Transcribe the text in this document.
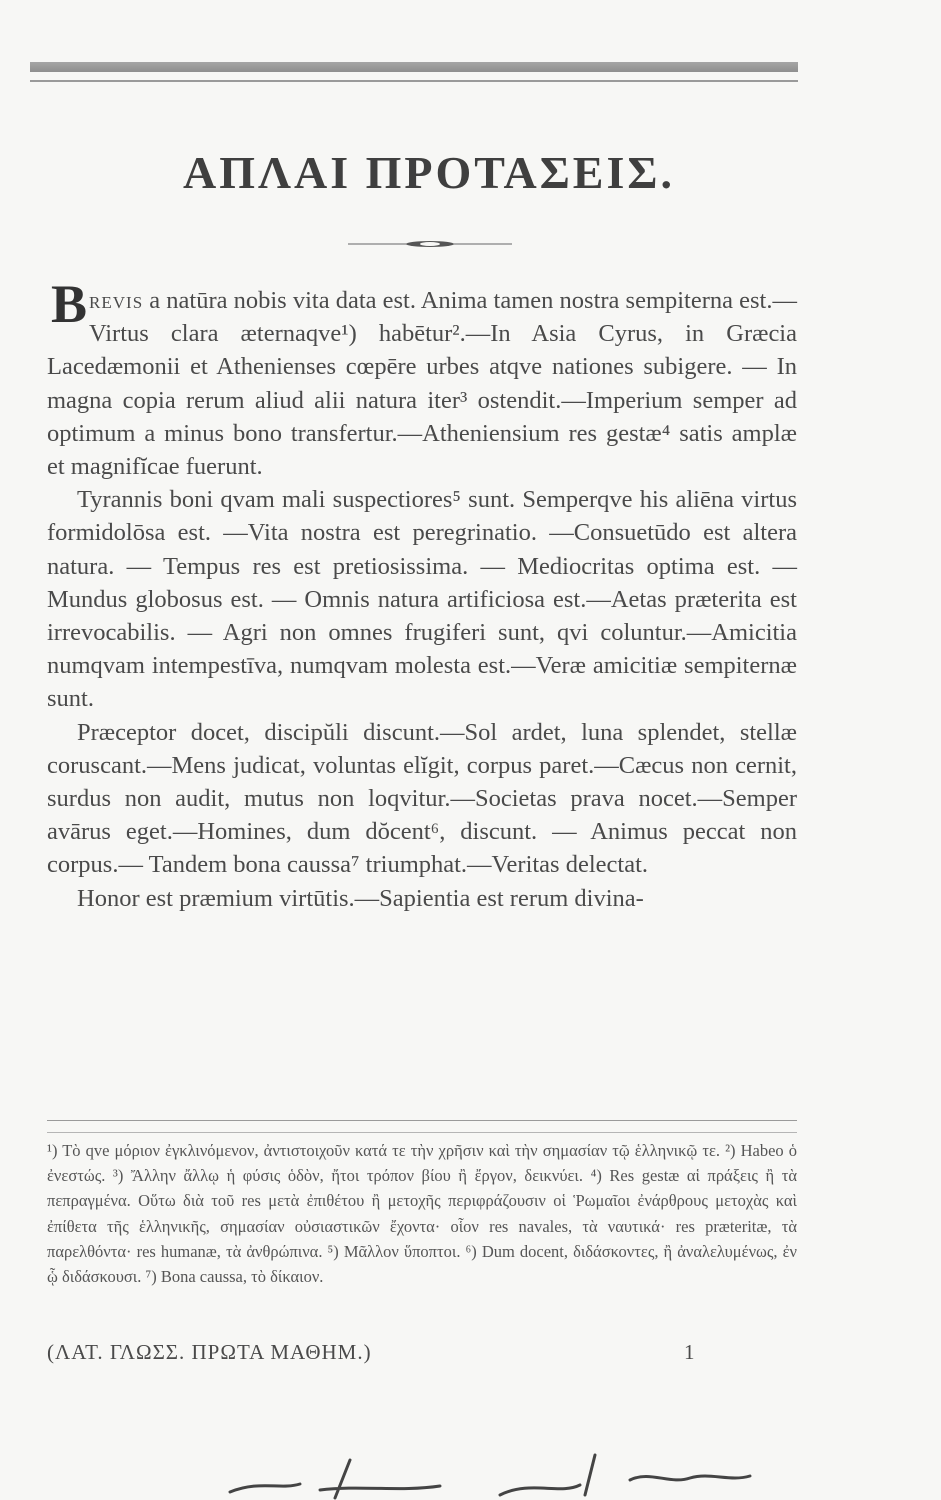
ΑΠΛΑΙ ΠΡΟΤΑΣΕΙΣ.

Brevis a natūra nobis vita data est. Anima tamen nostra sempiterna est.—Virtus clara æternaqve¹) habētur².—In Asia Cyrus, in Græcia Lacedæmonii et Athenienses cœpēre urbes atqve nationes subigere. — In magna copia rerum aliud alii natura iter³ ostendit.—Imperium semper ad optimum a minus bono transfertur.—Atheniensium res gestæ⁴ satis amplæ et magnifĭcae fuerunt.

Tyrannis boni qvam mali suspectiores⁵ sunt. Semperqve his aliēna virtus formidolōsa est. —Vita nostra est peregrinatio. —Consuetūdo est altera natura. — Tempus res est pretiosissima. — Mediocritas optima est. — Mundus globosus est. — Omnis natura artificiosa est.—Aetas præterita est irrevocabilis. — Agri non omnes frugiferi sunt, qvi coluntur.—Amicitia numqvam intempestīva, numqvam molesta est.—Veræ amicitiæ sempiternæ sunt.

Præceptor docet, discipŭli discunt.—Sol ardet, luna splendet, stellæ coruscant.—Mens judicat, voluntas elĭgit, corpus paret.—Cæcus non cernit, surdus non audit, mutus non loqvitur.—Societas prava nocet.—Semper avārus eget.—Homines, dum dŏcent⁶, discunt. — Animus peccat non corpus.— Tandem bona caussa⁷ triumphat.—Veritas delectat.

Honor est præmium virtūtis.—Sapientia est rerum divina-

¹) Τὸ qve μόριον ἐγκλινόμενον, ἀντιστοιχοῦν κατά τε τὴν χρῆσιν καὶ τὴν σημασίαν τῷ ἑλληνικῷ τε. ²) Habeo ὁ ἐνεστώς. ³) Ἄλλην ἄλλῳ ἡ φύσις ὁδὸν, ἤτοι τρόπον βίου ἢ ἔργον, δεικνύει. ⁴) Res gestæ αἱ πράξεις ἢ τὰ πεπραγμένα. Οὕτω διὰ τοῦ res μετὰ ἐπιθέτου ἢ μετοχῆς περιφράζουσιν οἱ Ῥωμαῖοι ἐνάρθρους μετοχὰς καὶ ἐπίθετα τῆς ἑλληνικῆς, σημασίαν οὐσιαστικῶν ἔχοντα· οἷον res navales, τὰ ναυτικά· res præteritæ, τὰ παρελθόντα· res humanæ, τὰ ἀνθρώπινα. ⁵) Μᾶλλον ὕποπτοι. ⁶) Dum docent, διδάσκοντες, ἢ ἀναλελυμένως, ἐν ᾧ διδάσκουσι. ⁷) Bona caussa, τὸ δίκαιον.

(ΛΑΤ. ΓΛΩΣΣ. ΠΡΩΤΑ ΜΑΘΗΜ.)	1
